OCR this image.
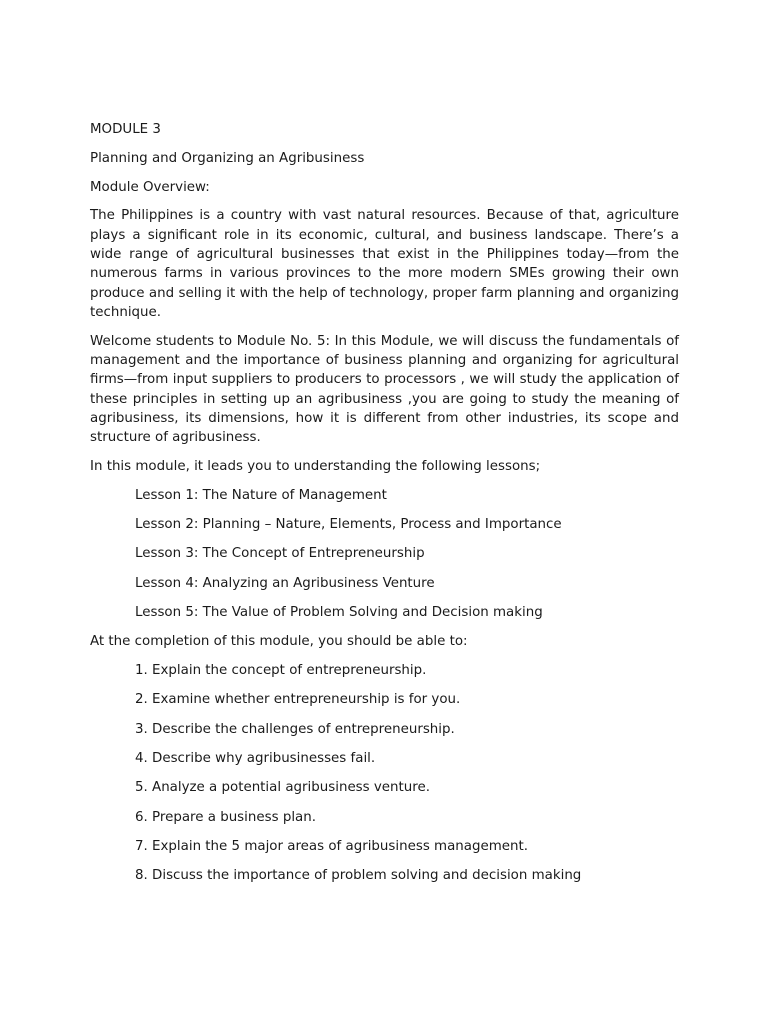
MODULE 3

Planning and Organizing an Agribusiness

Module Overview:

The Philippines is a country with vast natural resources. Because of that, agriculture plays a significant role in its economic, cultural, and business landscape. There’s a wide range of agricultural businesses that exist in the Philippines today—from the numerous farms in various provinces to the more modern SMEs growing their own produce and selling it with the help of technology, proper farm planning and organizing technique.

Welcome students to Module No. 5: In this Module, we will discuss the fundamentals of management and the importance of business planning and organizing for agricultural firms—from input suppliers to producers to processors , we will study the application of these principles in setting up an agribusiness ,you are going to study the meaning of agribusiness, its dimensions, how it is different from other industries, its scope and structure of agribusiness.

In this module, it leads you to understanding the following lessons;

Lesson 1: The Nature of Management
Lesson 2: Planning – Nature, Elements, Process and Importance
Lesson 3: The Concept of Entrepreneurship
Lesson 4: Analyzing an Agribusiness Venture
Lesson 5: The Value of Problem Solving and Decision making

At the completion of this module, you should be able to:

1. Explain the concept of entrepreneurship.
2. Examine whether entrepreneurship is for you.
3. Describe the challenges of entrepreneurship.
4. Describe why agribusinesses fail.
5. Analyze a potential agribusiness venture.
6. Prepare a business plan.
7. Explain the 5 major areas of agribusiness management.
8. Discuss the importance of problem solving and decision making
